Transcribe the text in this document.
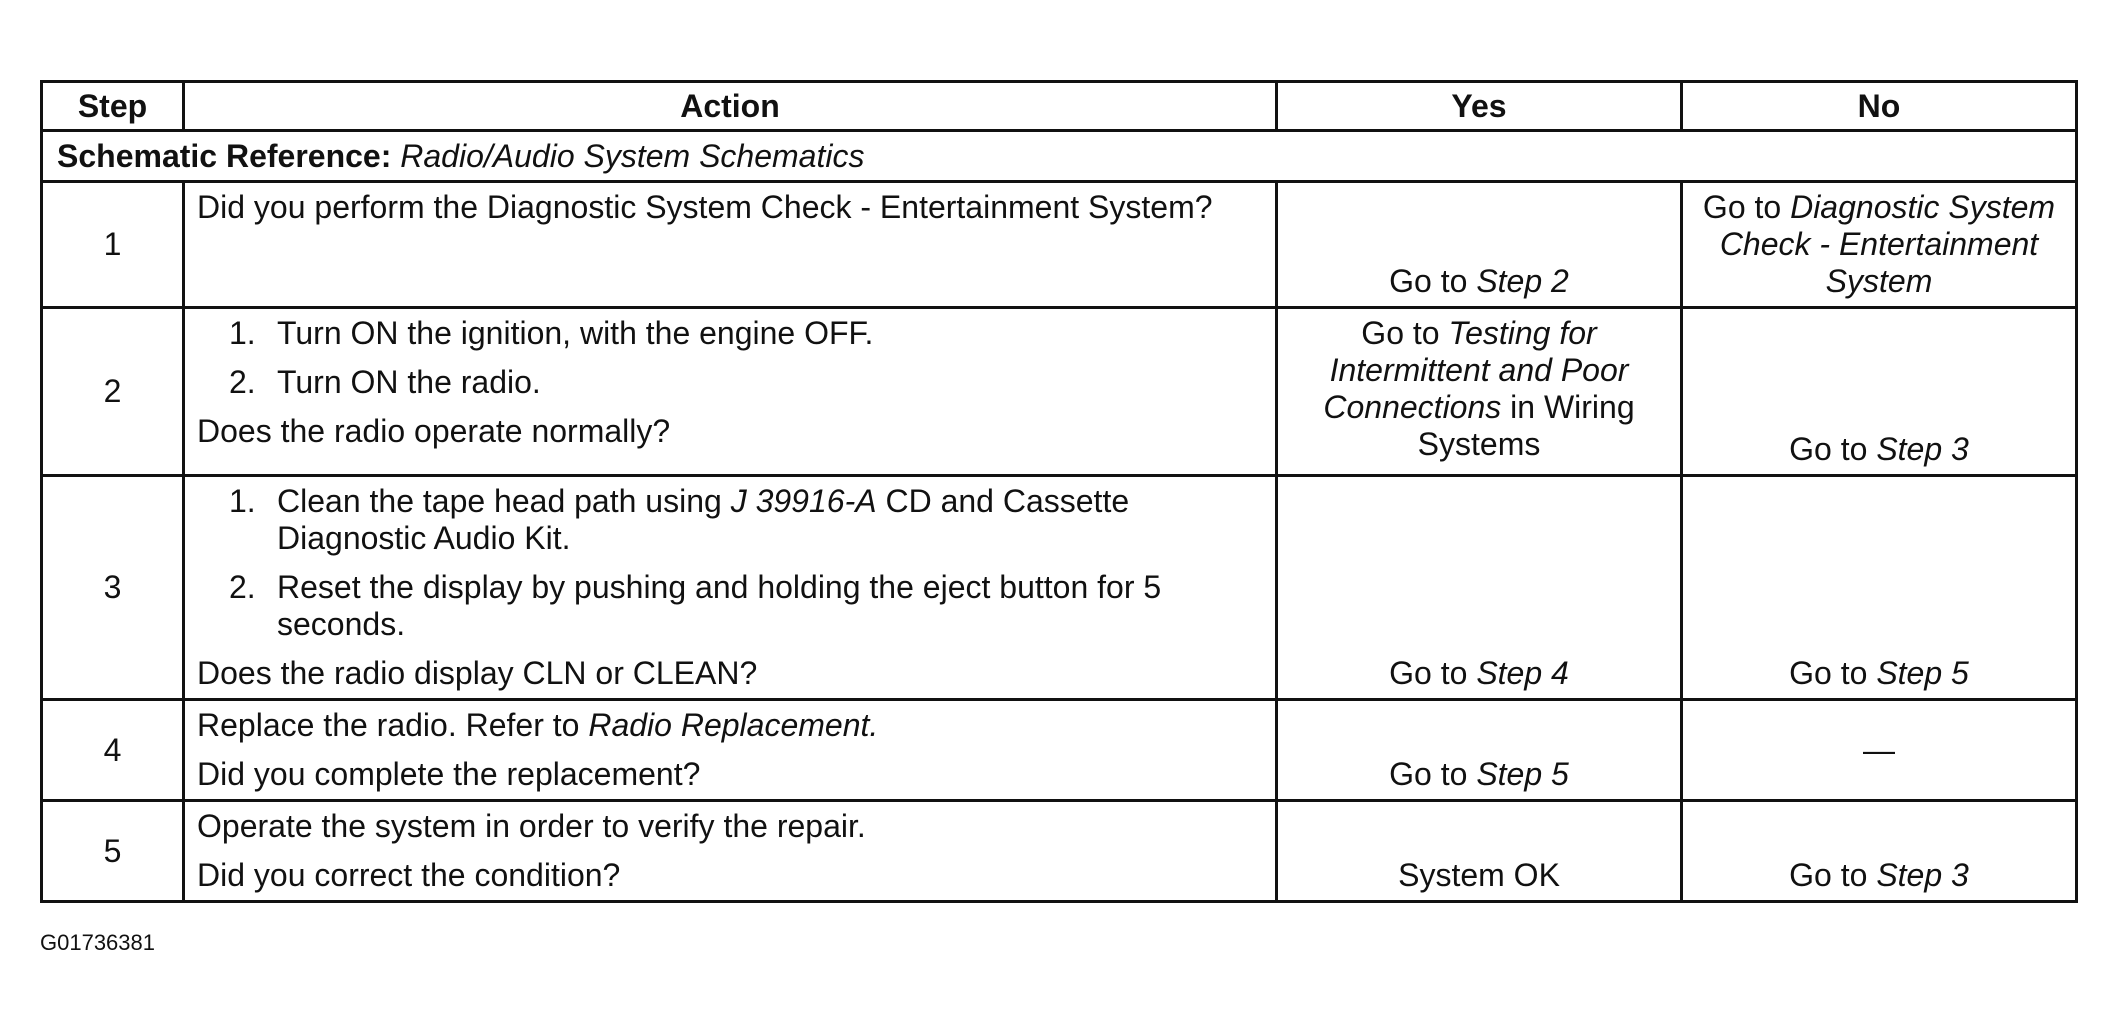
Step	Action	Yes	No
Schematic Reference: Radio/Audio System Schematics			
1	Did you perform the Diagnostic System Check - Entertainment System?	Go to Step 2	Go to Diagnostic System Check - Entertainment System
2	1. Turn ON the ignition, with the engine OFF.
2. Turn ON the radio.
Does the radio operate normally?	Go to Testing for Intermittent and Poor Connections in Wiring Systems	Go to Step 3
3	1. Clean the tape head path using J 39916-A CD and Cassette Diagnostic Audio Kit.
2. Reset the display by pushing and holding the eject button for 5 seconds.
Does the radio display CLN or CLEAN?	Go to Step 4	Go to Step 5
4	Replace the radio. Refer to Radio Replacement.
Did you complete the replacement?	Go to Step 5	—
5	Operate the system in order to verify the repair.
Did you correct the condition?	System OK	Go to Step 3
G01736381
